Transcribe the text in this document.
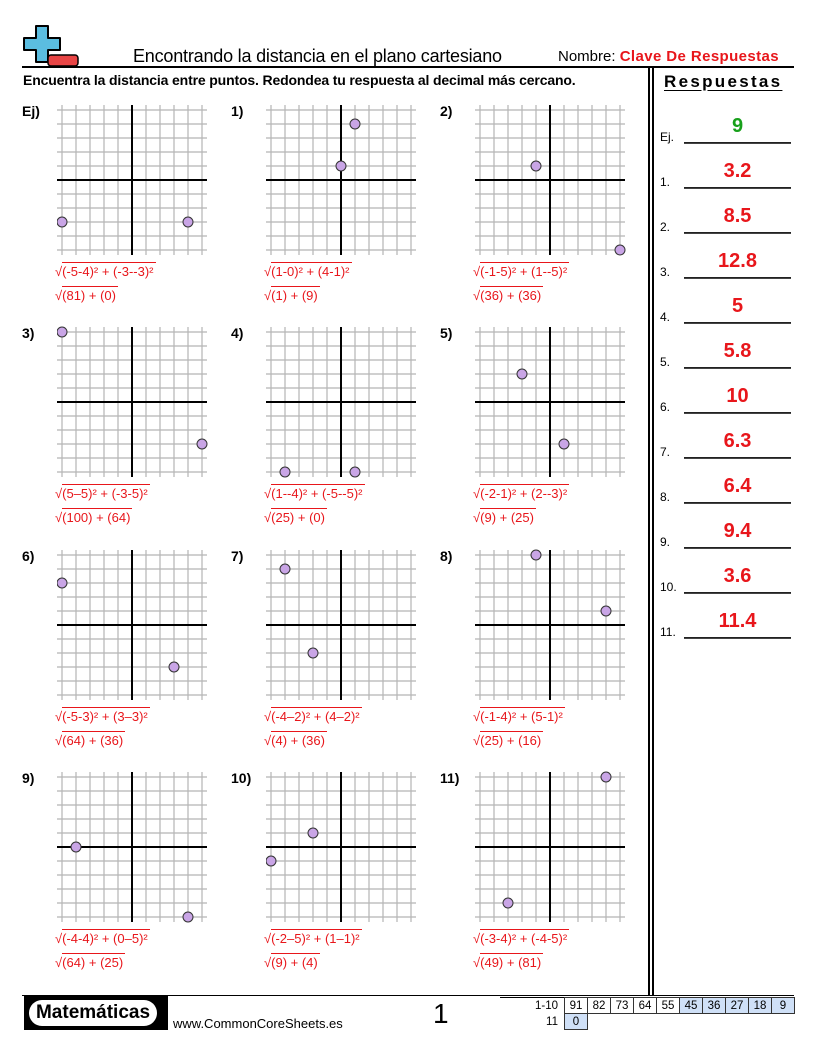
Encontrando la distancia en el plano cartesiano	Nombre: Clave De Respuestas
Encuentra la distancia entre puntos. Redondea tu respuesta al decimal más cercano.	Respuestas
Ej.	9
1.	3.2
2.	8.5
3.	12.8
4.	5
5.	5.8
6.	10
7.	6.3
8.	6.4
9.	9.4
10.	3.6
11.	11.4
Ej)
√(-5-4)² + (-3--3)²
√(81) + (0)
1)
√(1-0)² + (4-1)²
√(1) + (9)
2)
√(-1-5)² + (1--5)²
√(36) + (36)
3)
√(5–5)² + (-3-5)²
√(100) + (64)
4)
√(1--4)² + (-5--5)²
√(25) + (0)
5)
√(-2-1)² + (2--3)²
√(9) + (25)
6)
√(-5-3)² + (3–3)²
√(64) + (36)
7)
√(-4–2)² + (4–2)²
√(4) + (36)
8)
√(-1-4)² + (5-1)²
√(25) + (16)
9)
√(-4-4)² + (0–5)²
√(64) + (25)
10)
√(-2–5)² + (1–1)²
√(9) + (4)
11)
√(-3-4)² + (-4-5)²
√(49) + (81)
Matemáticas
www.CommonCoreSheets.es	1	1-10	91	82	73	64	55	45	36	27	18	9
11	0									
